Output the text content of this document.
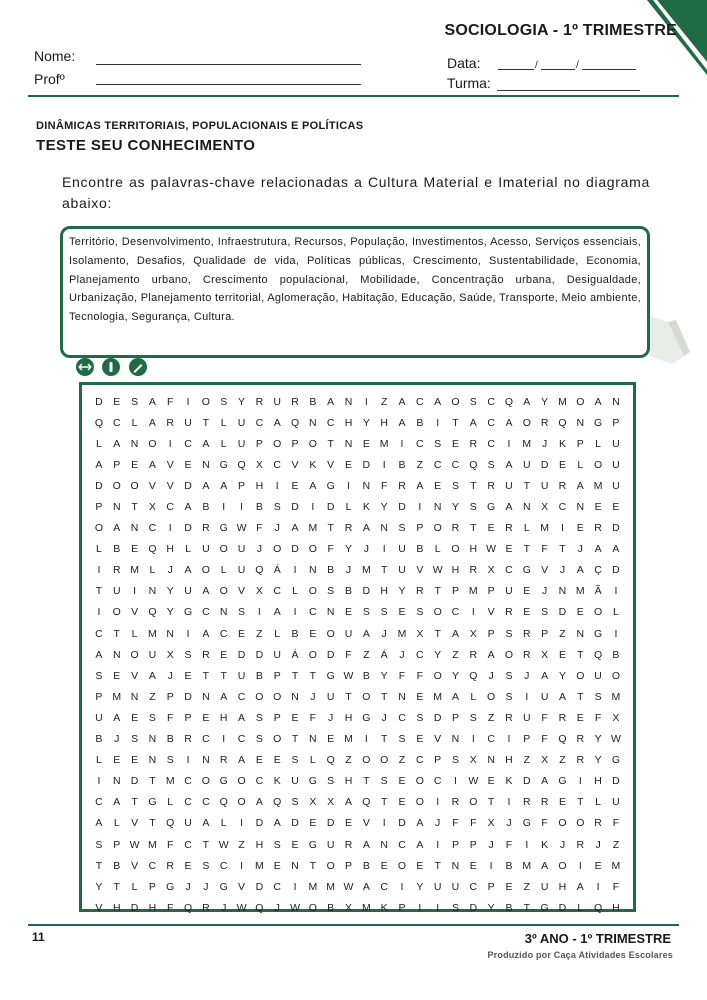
SOCIOLOGIA - 1º TRIMESTRE
Nome:
Profº
Data:	/	/
Turma:
DINÂMICAS TERRITORIAIS, POPULACIONAIS E POLÍTICAS
TESTE SEU CONHECIMENTO
Encontre as palavras-chave relacionadas a Cultura Material e Imaterial no diagrama abaixo:

Território, Desenvolvimento, Infraestrutura, Recursos, População, Investimentos, Acesso, Serviços essenciais, Isolamento, Desafios, Qualidade de vida, Políticas públicas, Crescimento, Sustentabilidade, Economia, Planejamento urbano, Crescimento populacional, Mobilidade, Concentração urbana, Desigualdade, Urbanização, Planejamento territorial, Aglomeração, Habitação, Educação, Saúde, Transporte, Meio ambiente, Tecnologia, Segurança, Cultura.

D	E	S	A	F	I	O S	Y	R U R	B	A	N	I	Z	A	C	A O S	C Q A	Y M O A	N
Q C	L	A	R U	T	L	U C	A Q N C H	Y	H	A	B	I	T	A	C	A O R Q N G P
L	A	N O	I	C	A	L	U	P O P O	T	N	E M	I	C	S	E	R C	I	M	J	K	P	L	U
A	P	E	A	V	E	N G Q X	C	V	K	V	E	D	I	B	Z	C C Q S	A	U D	E	L	O U
D O O V	V	D	A	A	P	H	I	E	A G	I	N	F	R	A	E	S	T	R U	T	U R	A M U
P	N	T	X	C	A	B	I	I	B	S	D	I	D	L	K	Y	D	I	N	Y	S G A	N	X	C N	E	E
O A	N C	I	D R G W F	J	A M T	R	A	N	S	P O R	T	E	R	L	M	I	E	R D
L	B	E Q H	L	U O U	J	O D O	F	Y	J	I	U	B	L	O H W E	T	F	T	J	A	A
I	R M	L	J	A O	L	U Q Á	I	N	B	J	M T	U	V W H R	X	C G V	J	A	Ç D
T	U	I	N	Y	U	A O V	X	C	L	O S	B	D H	Y	R	T	P M P	U	E	J	N M Ã	I
I	O V Q Y G C N	S	I	A	I	C N	E	S	S	E	S O C	I	V	R	E	S	D	E O	L
C	T	L	M N	I	A	C	E	Z	L	B	E O U	A	J	M X	T	A	X	P	S	R	P	Z	N G	I
A	N O U	X	S	R	E	D D U	Á O D	F	Z	Á	J	C	Y	Z	R	A O R	X	E	T	Q B
S	E	V	A	J	E	T	T	U	B	P	T	T	G W B	Y	F	F	O Y Q	J	S	J	A	Y O U O
P M N	Z	P	D N	A	C O O N	J	U	T	O	T	N	E M A	L	O S	I	U	A	T	S M
U	A	E	S	F	P	E	H	A	S	P	E	F	J	H G	J	C	S	D	P	S	Z	R U	F	R	E	F	X
B	J	S	N	B	R C	I	C	S O	T	N	E M	I	T	S	E	V	N	I	C	I	P	F	Q R	Y W
L	E	E	N	S	I	N R	A	E	E	S	L	Q	Z	O O	Z	C	P	S	X	N H	Z	X	Z	R	Y G
I	N D	T M C O G O C	K	U G S	H	T	S	E O C	I	W E	K	D	A G	I	H D
C	A	T	G	L	C C Q O A Q S	X	X	A Q	T	E O	I	R O	T	I	R R	E	T	L	U
A	L	V	T	Q U	A	L	I	D	A	D	E	D	E	V	I	D	A	J	F	F	X	J	G	F	O O R	F
S	P W M F	C	T W Z	H	S	E G U R	A	N C	A	I	P	P	J	F	I	K	J	R	J	Z
T	B	V	C R	E	S	C	I	M E	N	T	O P	B	E O E	T	N	E	I	B M A O	I	E M
Y	T	L	P G	J	J	G V	D C	I	M M W A	C	I	Y	U U C	P	E	Z	U H	A	I	F
V	H D H	F	Q R	J W Q	J W O B	X M K	P	I	I	S	D	Y	B	T	G D	L	Q H
11	3º ANO - 1º TRIMESTRE
Produzido por Caça Atividades Escolares
